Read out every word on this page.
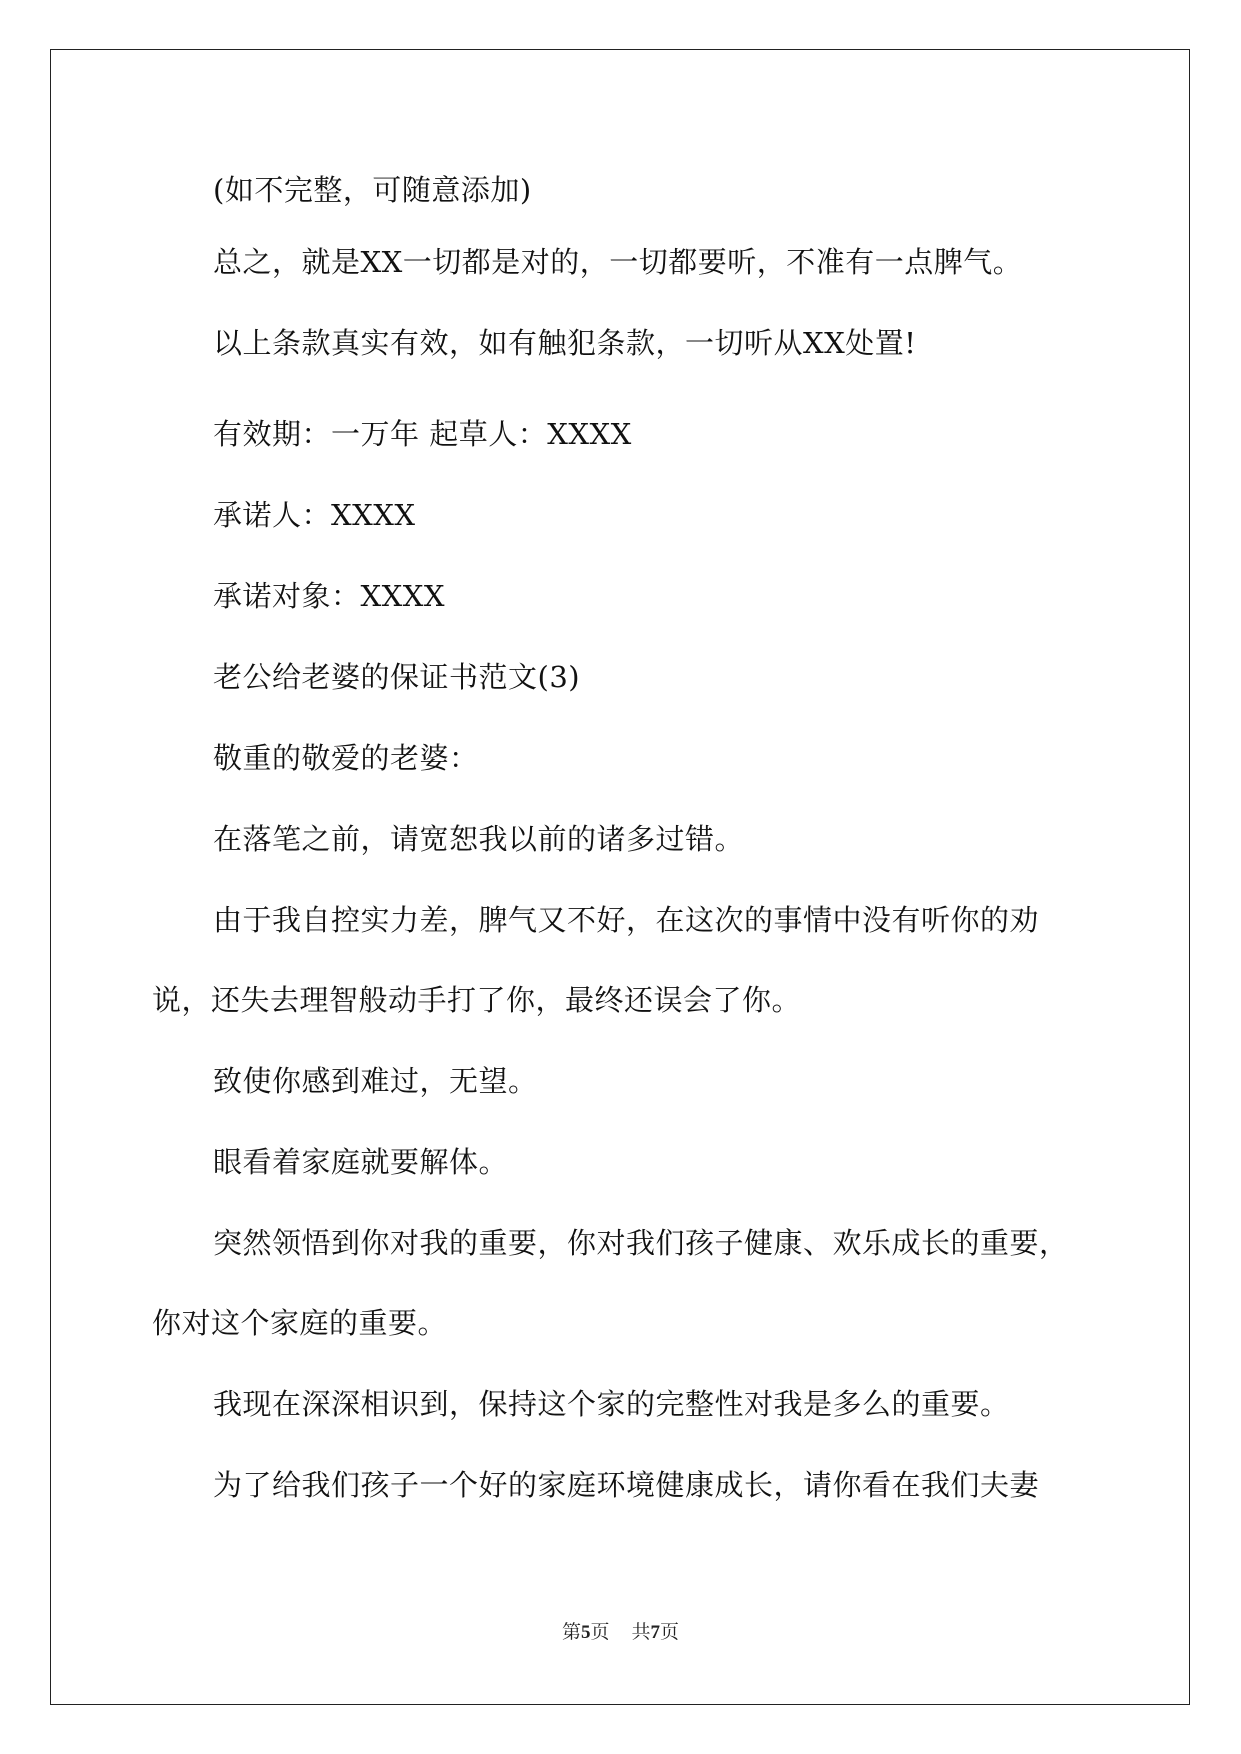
(如不完整，可随意添加)
总之，就是XX一切都是对的，一切都要听，不准有一点脾气。
以上条款真实有效，如有触犯条款，一切听从XX处置!
有效期：一万年 起草人：XXXX
承诺人：XXXX
承诺对象：XXXX
老公给老婆的保证书范文(3)
敬重的敬爱的老婆：
在落笔之前，请宽恕我以前的诸多过错。
由于我自控实力差，脾气又不好，在这次的事情中没有听你的劝
说，还失去理智般动手打了你，最终还误会了你。
致使你感到难过，无望。
眼看着家庭就要解体。
突然领悟到你对我的重要，你对我们孩子健康、欢乐成长的重要，
你对这个家庭的重要。
我现在深深相识到，保持这个家的完整性对我是多么的重要。
为了给我们孩子一个好的家庭环境健康成长，请你看在我们夫妻
第5页 共7页
